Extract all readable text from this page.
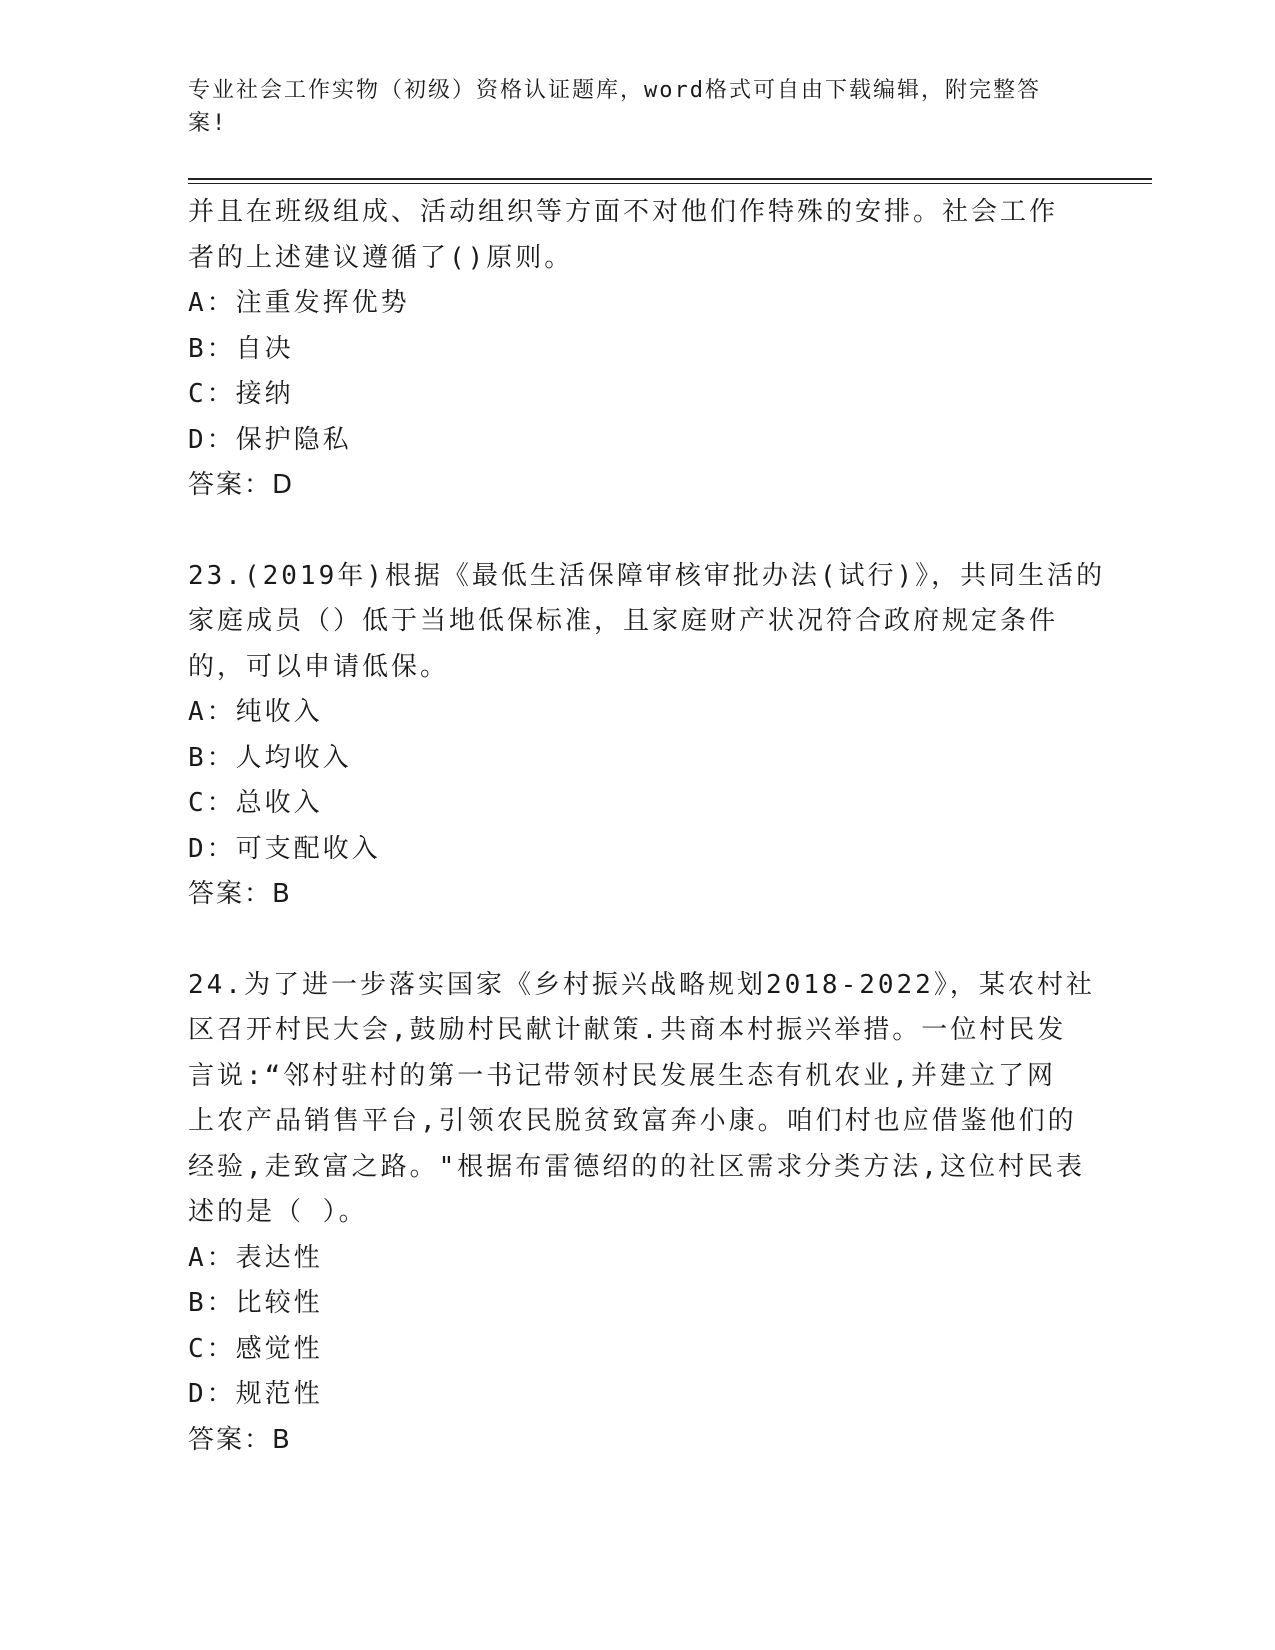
专业社会工作实物（初级）资格认证题库，word格式可自由下载编辑，附完整答
案!
并且在班级组成、活动组织等方面不对他们作特殊的安排。社会工作
者的上述建议遵循了()原则。
A：注重发挥优势
B：自决
C：接纳
D：保护隐私
答案：D
23.(2019年)根据《最低生活保障审核审批办法(试行)》，共同生活的
家庭成员（）低于当地低保标准，且家庭财产状况符合政府规定条件
的，可以申请低保。
A：纯收入
B：人均收入
C：总收入
D：可支配收入
答案：B
24.为了进一步落实国家《乡村振兴战略规划2018-2022》，某农村社
区召开村民大会,鼓励村民献计献策.共商本村振兴举措。一位村民发
言说:“邻村驻村的第一书记带领村民发展生态有机农业,并建立了网
上农产品销售平台,引领农民脱贫致富奔小康。咱们村也应借鉴他们的
经验,走致富之路。"根据布雷德绍的的社区需求分类方法,这位村民表
述的是（ ）。
A：表达性
B：比较性
C：感觉性
D：规范性
答案：B
